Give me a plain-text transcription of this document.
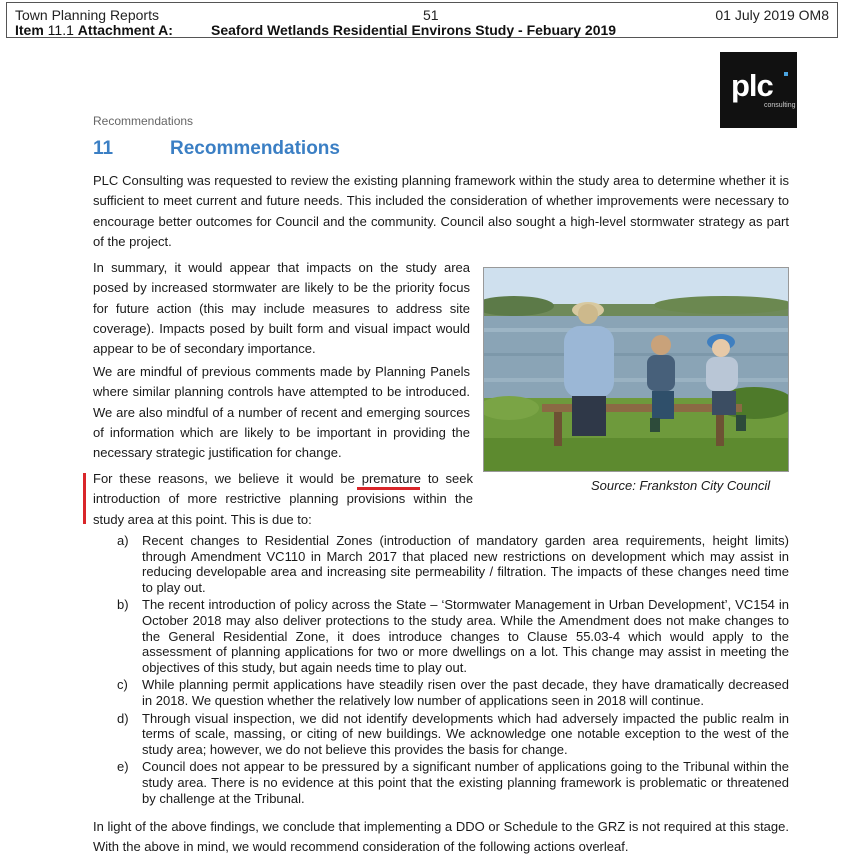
Town Planning Reports	51	01 July 2019 OM8
Item 11.1 Attachment A:	Seaford Wetlands Residential Environs Study - Febuary 2019
plc
consulting
Recommendations
11	Recommendations
PLC Consulting was requested to review the existing planning framework within the study area to determine whether it is sufficient to meet current and future needs. This included the consideration of whether improvements were necessary to encourage better outcomes for Council and the community. Council also sought a high-level stormwater strategy as part of the project.
In summary, it would appear that impacts on the study area posed by increased stormwater are likely to be the priority focus for future action (this may include measures to address site coverage). Impacts posed by built form and visual impact would appear to be of secondary importance.
We are mindful of previous comments made by Planning Panels where similar planning controls have attempted to be introduced. We are also mindful of a number of recent and emerging sources of information which are likely to be important in providing the necessary strategic justification for change.
For these reasons, we believe it would be premature to seek introduction of more restrictive planning provisions within the study area at this point. This is due to:
Source: Frankston City Council
a)	Recent changes to Residential Zones (introduction of mandatory garden area requirements, height limits) through Amendment VC110 in March 2017 that placed new restrictions on development which may assist in reducing developable area and increasing site permeability / filtration. The impacts of these changes need time to play out.
b)	The recent introduction of policy across the State – ‘Stormwater Management in Urban Development’, VC154 in October 2018 may also deliver protections to the study area. While the Amendment does not make changes to the General Residential Zone, it does introduce changes to Clause 55.03-4 which would apply to the assessment of planning applications for two or more dwellings on a lot. This change may assist in meeting the objectives of this study, but again needs time to play out.
c)	While planning permit applications have steadily risen over the past decade, they have dramatically decreased in 2018. We question whether the relatively low number of applications seen in 2018 will continue.
d)	Through visual inspection, we did not identify developments which had adversely impacted the public realm in terms of scale, massing, or citing of new buildings. We acknowledge one notable exception to the west of the study area; however, we do not believe this provides the basis for change.
e)	Council does not appear to be pressured by a significant number of applications going to the Tribunal within the study area. There is no evidence at this point that the existing planning framework is problematic or threatened by challenge at the Tribunal.
In light of the above findings, we conclude that implementing a DDO or Schedule to the GRZ is not required at this stage. With the above in mind, we would recommend consideration of the following actions overleaf.
